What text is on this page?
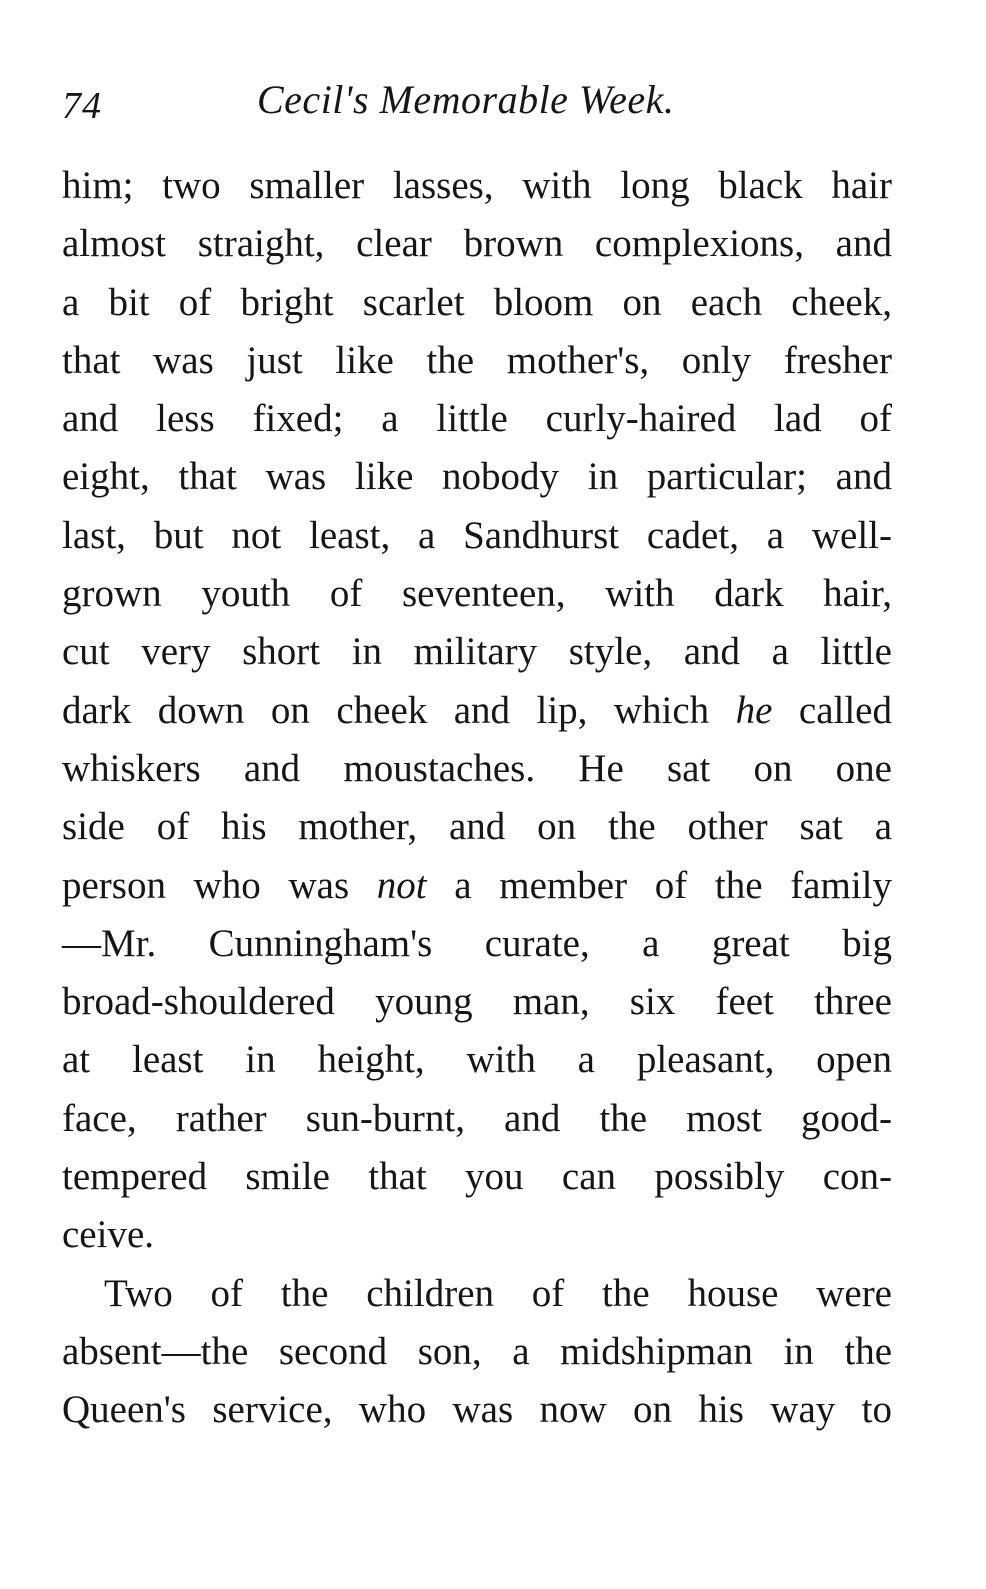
74	Cecil's Memorable Week.
him; two smaller lasses, with long black hair
almost straight, clear brown complexions, and
a bit of bright scarlet bloom on each cheek,
that was just like the mother's, only fresher
and less fixed; a little curly-haired lad of
eight, that was like nobody in particular; and
last, but not least, a Sandhurst cadet, a well-
grown youth of seventeen, with dark hair,
cut very short in military style, and a little
dark down on cheek and lip, which he called
whiskers and moustaches. He sat on one
side of his mother, and on the other sat a
person who was not a member of the family
—Mr. Cunningham's curate, a great big
broad-shouldered young man, six feet three
at least in height, with a pleasant, open
face, rather sun-burnt, and the most good-
tempered smile that you can possibly con-
ceive.
Two of the children of the house were
absent—the second son, a midshipman in the
Queen's service, who was now on his way to
